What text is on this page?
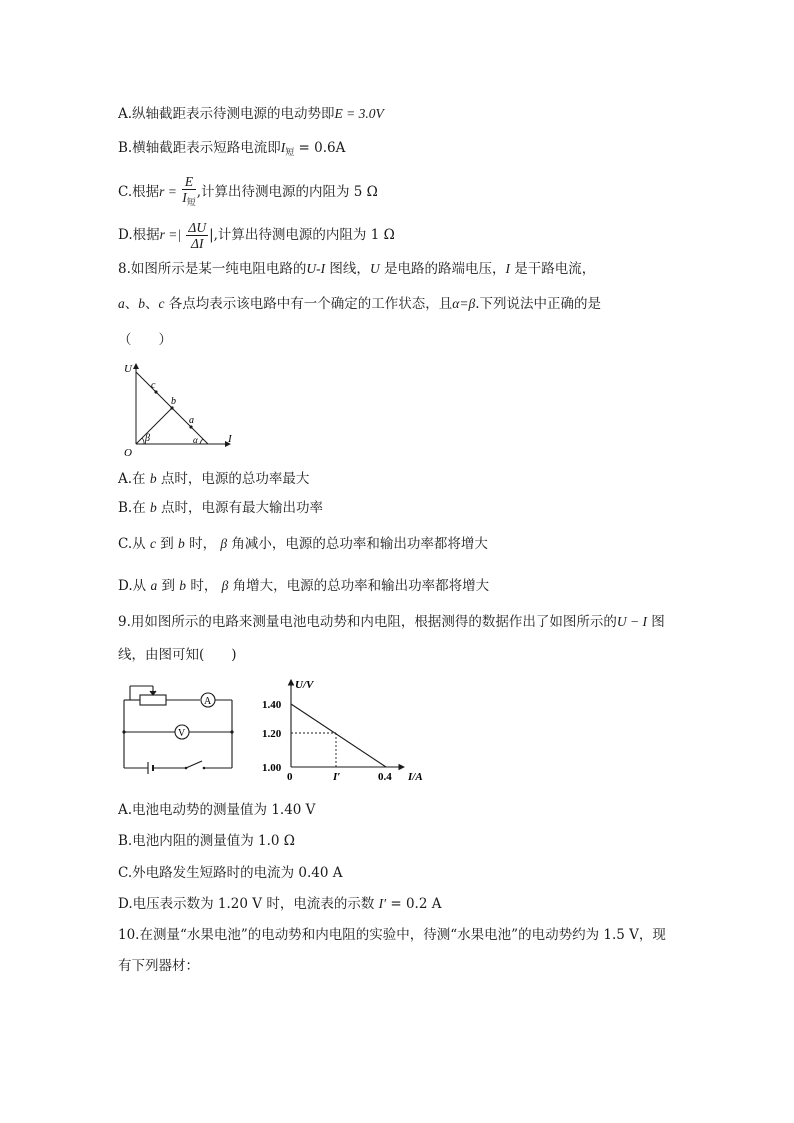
A.纵轴截距表示待测电源的电动势即E = 3.0V
B.横轴截距表示短路电流即$I_短 = 0.6A$
C.根据$r = \frac{E}{I_短}$ ,计算出待测电源的内阻为 5 Ω
D.根据r =| $\frac{\Delta U}{\Delta I}$ |,计算出待测电源的内阻为 1 Ω
8.如图所示是某一纯电阻电路的U-I 图线，U 是电路的路端电压，I 是干路电流，
a、b、c 各点均表示该电路中有一个确定的工作状态，且α=β.下列说法中正确的是
（　　）
U
I
O
c
b
a
β	α
A.在 b 点时，电源的总功率最大
B.在 b 点时，电源有最大输出功率
C.从 c 到 b 时， β 角减小，电源的总功率和输出功率都将增大
D.从 a 到 b 时， β 角增大，电源的总功率和输出功率都将增大
9.用如图所示的电路来测量电池电动势和内电阻，根据测得的数据作出了如图所示的U − I 图
线，由图可知(　　)
A
V
U/V
I/A
1.40
1.20
1.00
0	I′	0.4
A.电池电动势的测量值为 1.40 V
B.电池内阻的测量值为 1.0 Ω
C.外电路发生短路时的电流为 0.40 A
D.电压表示数为 1.20 V 时，电流表的示数 I′ = 0.2 A
10.在测量“水果电池”的电动势和内电阻的实验中，待测“水果电池”的电动势约为 1.5 V，现
有下列器材：
